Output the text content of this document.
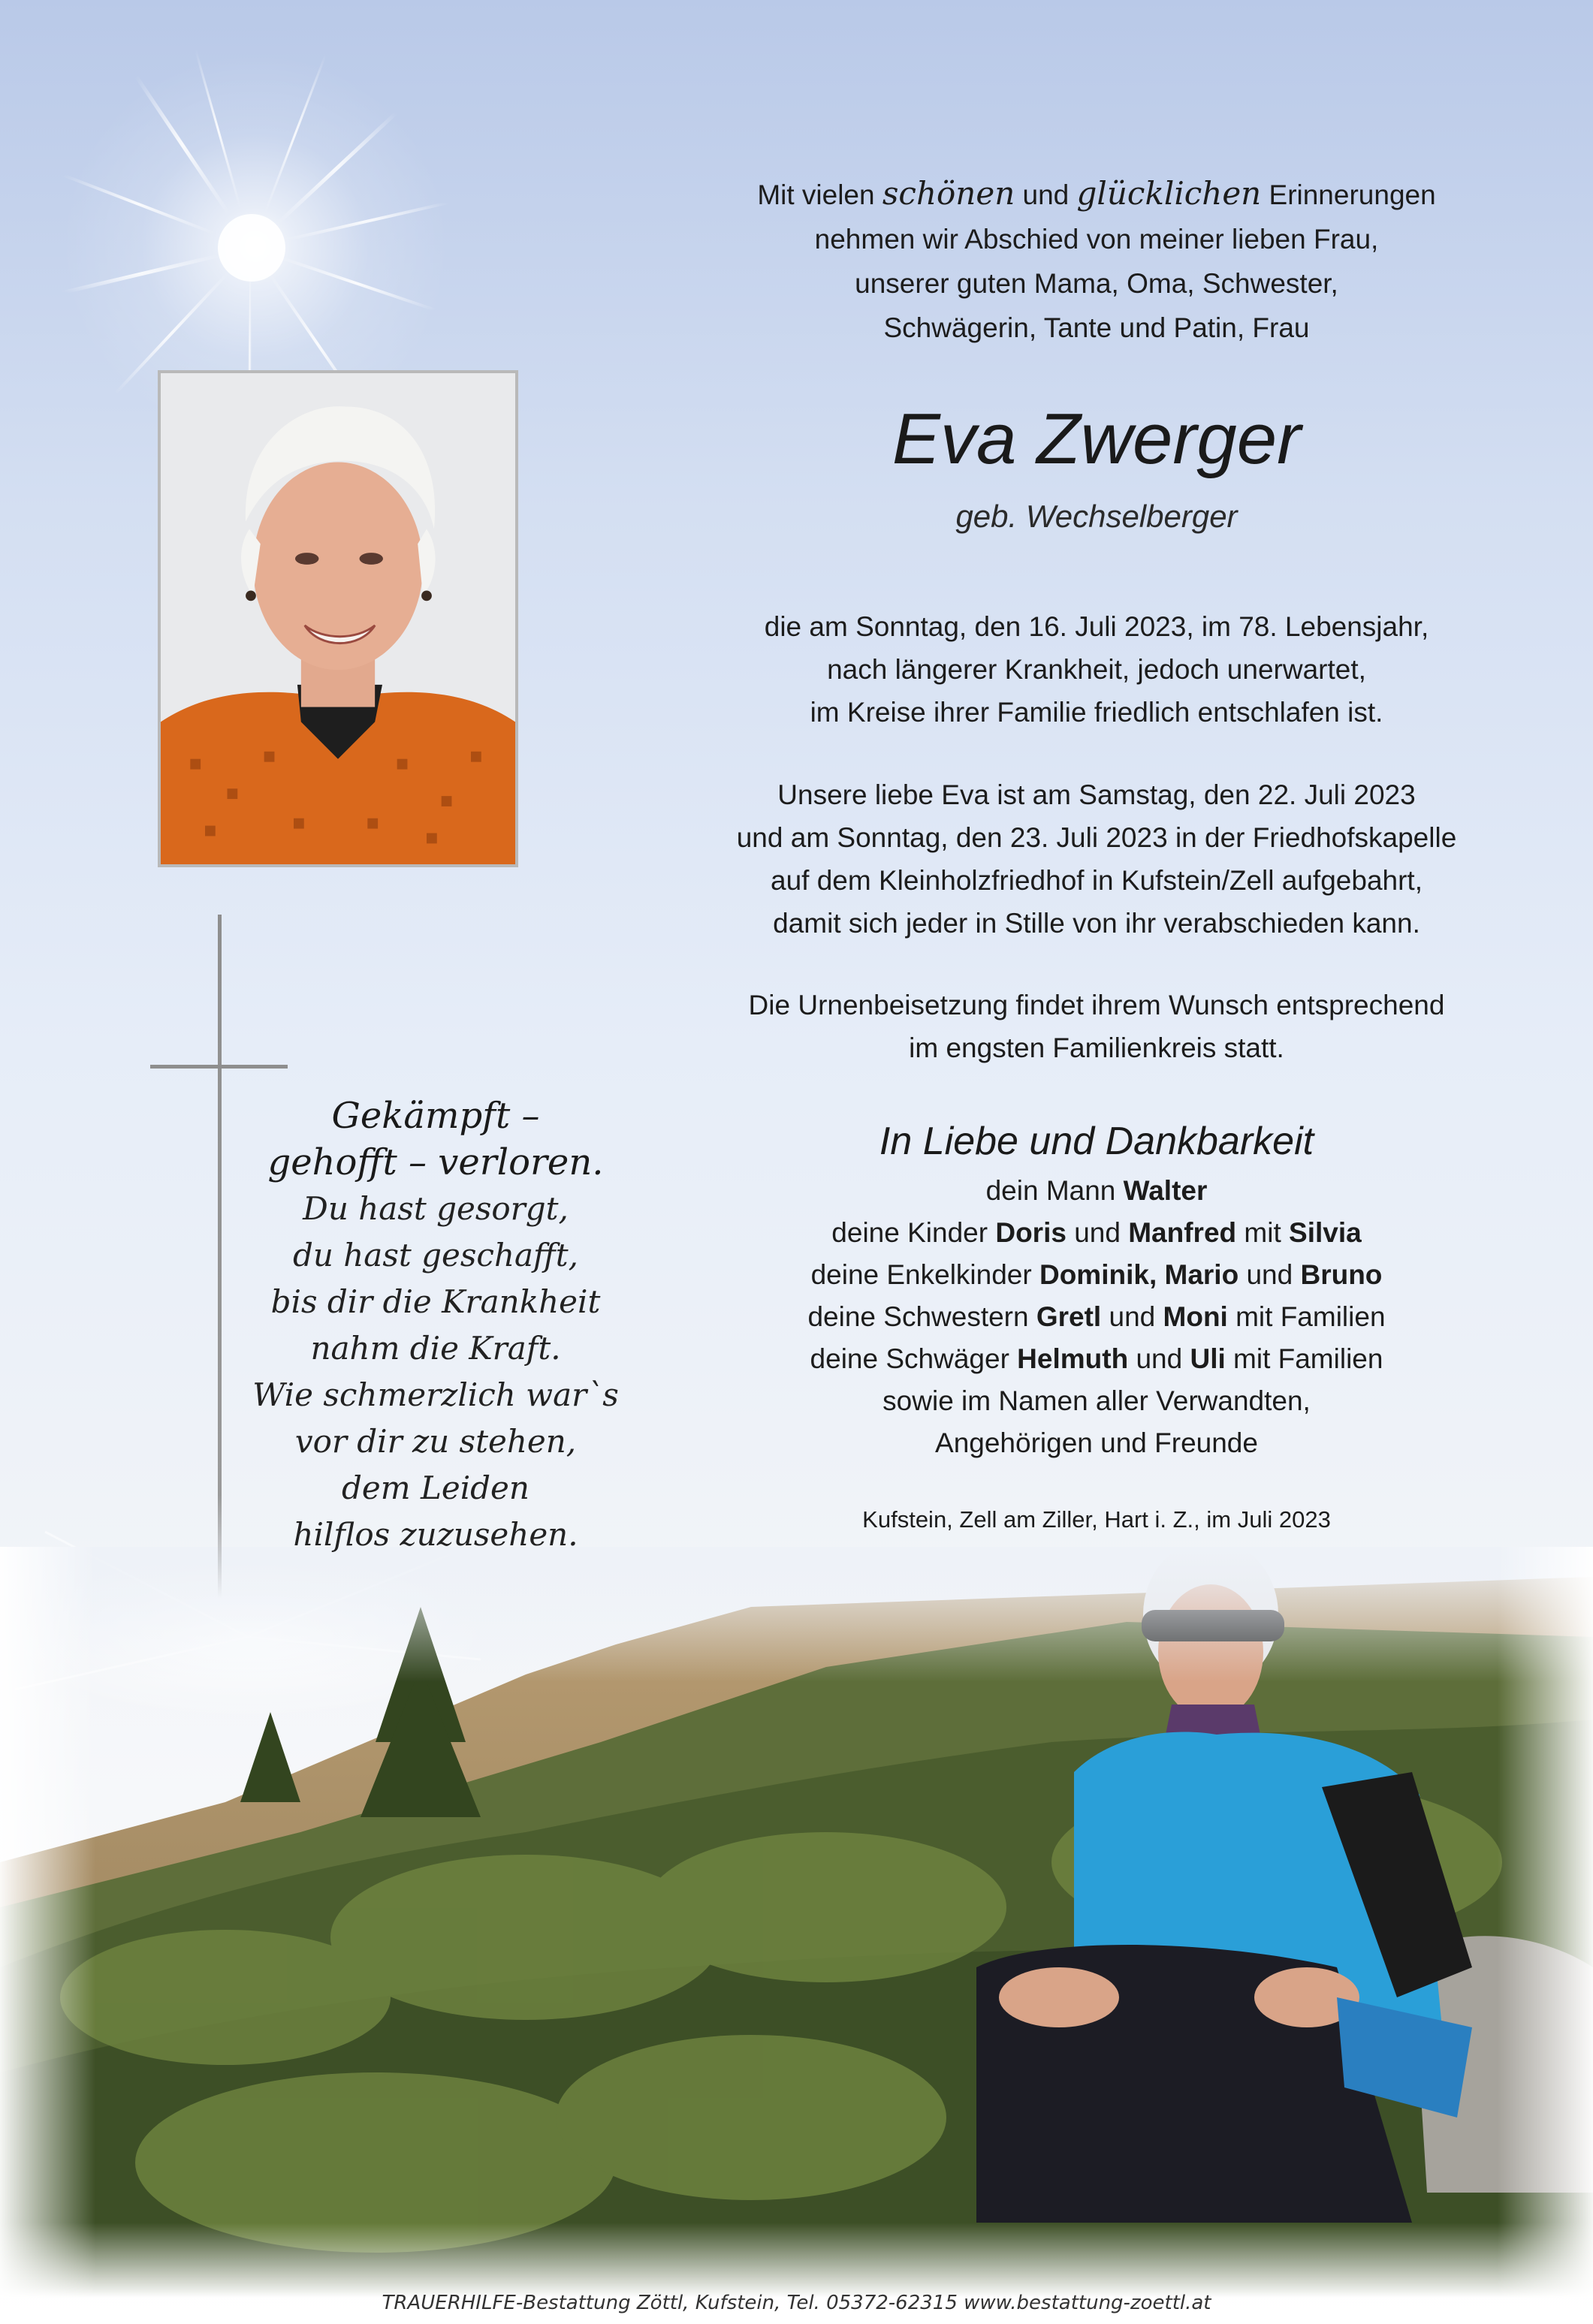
Gekämpft –
gehofft – verloren.
Du hast gesorgt,
du hast geschafft,
bis dir die Krankheit
nahm die Kraft.
Wie schmerzlich war`s
vor dir zu stehen,
dem Leiden
hilflos zuzusehen.
Mit vielen schönen und glücklichen Erinnerungen
nehmen wir Abschied von meiner lieben Frau,
unserer guten Mama, Oma, Schwester,
Schwägerin, Tante und Patin, Frau
Eva Zwerger
geb. Wechselberger
die am Sonntag, den 16. Juli 2023, im 78. Lebensjahr,
nach längerer Krankheit, jedoch unerwartet,
im Kreise ihrer Familie friedlich entschlafen ist.
Unsere liebe Eva ist am Samstag, den 22. Juli 2023
und am Sonntag, den 23. Juli 2023 in der Friedhofskapelle
auf dem Kleinholzfriedhof in Kufstein/Zell aufgebahrt,
damit sich jeder in Stille von ihr verabschieden kann.
Die Urnenbeisetzung findet ihrem Wunsch entsprechend
im engsten Familienkreis statt.
In Liebe und Dankbarkeit
dein Mann Walter
deine Kinder Doris und Manfred mit Silvia
deine Enkelkinder Dominik, Mario und Bruno
deine Schwestern Gretl und Moni mit Familien
deine Schwäger Helmuth und Uli mit Familien
sowie im Namen aller Verwandten,
Angehörigen und Freunde
Kufstein, Zell am Ziller, Hart i. Z., im Juli 2023
TRAUERHILFE-Bestattung Zöttl, Kufstein, Tel. 05372-62315 www.bestattung-zoettl.at
